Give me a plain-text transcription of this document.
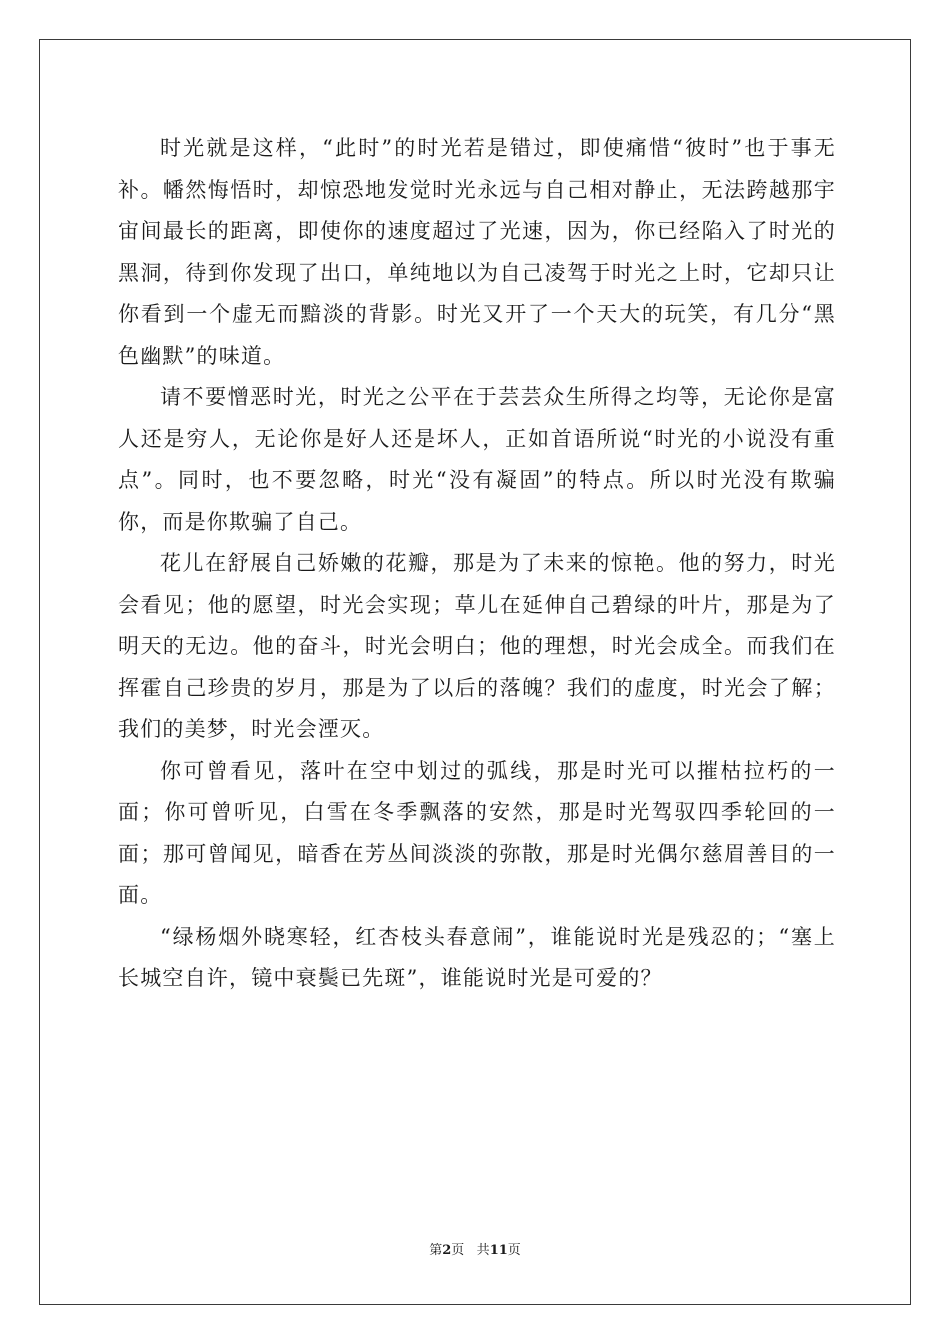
时光就是这样，“此时”的时光若是错过，即使痛惜“彼时”也于事无补。幡然悔悟时，却惊恐地发觉时光永远与自己相对静止，无法跨越那宇宙间最长的距离，即使你的速度超过了光速，因为，你已经陷入了时光的黑洞，待到你发现了出口，单纯地以为自己凌驾于时光之上时，它却只让你看到一个虚无而黯淡的背影。时光又开了一个天大的玩笑，有几分“黑色幽默”的味道。

请不要憎恶时光，时光之公平在于芸芸众生所得之均等，无论你是富人还是穷人，无论你是好人还是坏人，正如首语所说“时光的小说没有重点”。同时，也不要忽略，时光“没有凝固”的特点。所以时光没有欺骗你，而是你欺骗了自己。

花儿在舒展自己娇嫩的花瓣，那是为了未来的惊艳。他的努力，时光会看见；他的愿望，时光会实现；草儿在延伸自己碧绿的叶片，那是为了明天的无边。他的奋斗，时光会明白；他的理想，时光会成全。而我们在挥霍自己珍贵的岁月，那是为了以后的落魄？我们的虚度，时光会了解；我们的美梦，时光会湮灭。

你可曾看见，落叶在空中划过的弧线，那是时光可以摧枯拉朽的一面；你可曾听见，白雪在冬季飘落的安然，那是时光驾驭四季轮回的一面；那可曾闻见，暗香在芳丛间淡淡的弥散，那是时光偶尔慈眉善目的一面。

“绿杨烟外晓寒轻，红杏枝头春意闹”，谁能说时光是残忍的；“塞上长城空自许，镜中衰鬓已先斑”，谁能说时光是可爱的？

第2页 共11页
